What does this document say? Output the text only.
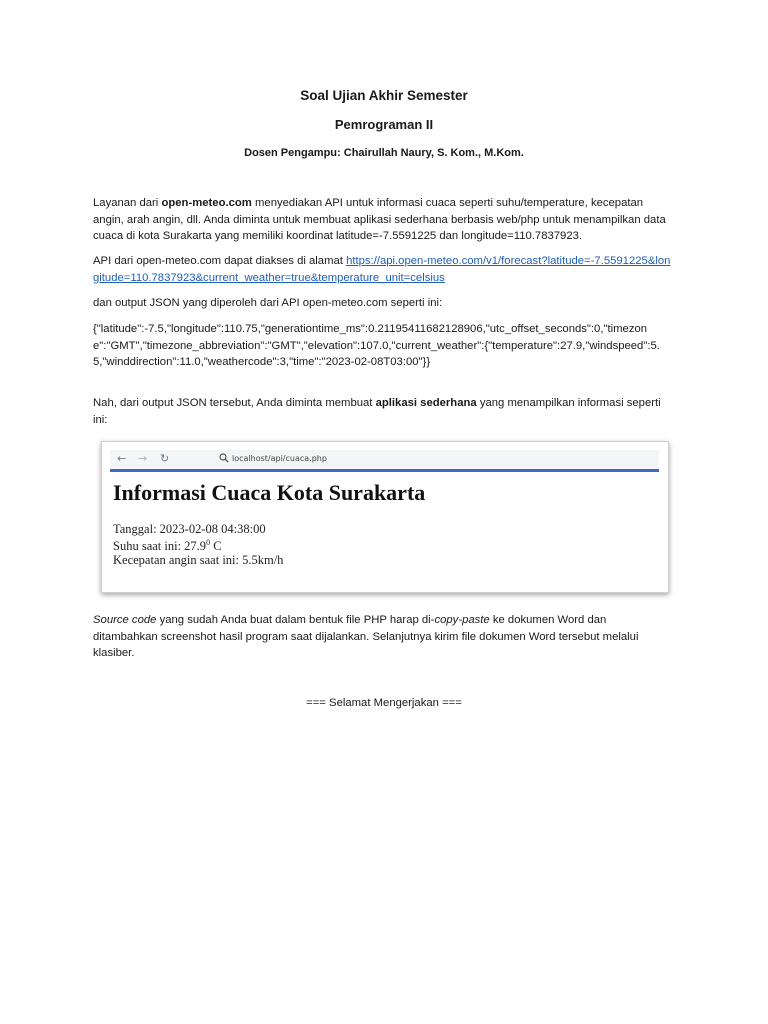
Soal Ujian Akhir Semester
Pemrograman II
Dosen Pengampu: Chairullah Naury, S. Kom., M.Kom.
Layanan dari open-meteo.com menyediakan API untuk informasi cuaca seperti suhu/temperature, kecepatan angin, arah angin, dll. Anda diminta untuk membuat aplikasi sederhana berbasis web/php untuk menampilkan data cuaca di kota Surakarta yang memiliki koordinat latitude=-7.5591225 dan longitude=110.7837923.
API dari open-meteo.com dapat diakses di alamat https://api.open-meteo.com/v1/forecast?latitude=-7.5591225&longitude=110.7837923&current_weather=true&temperature_unit=celsius
dan output JSON yang diperoleh dari API open-meteo.com seperti ini:
{"latitude":-7.5,"longitude":110.75,"generationtime_ms":0.21195411682128906,"utc_offset_seconds":0,"timezone":"GMT","timezone_abbreviation":"GMT","elevation":107.0,"current_weather":{"temperature":27.9,"windspeed":5.5,"winddirection":11.0,"weathercode":3,"time":"2023-02-08T03:00"}}
Nah, dari output JSON tersebut, Anda diminta membuat aplikasi sederhana yang menampilkan informasi seperti ini:
← → ↻	localhost/api/cuaca.php
Informasi Cuaca Kota Surakarta
Tanggal: 2023-02-08 04:38:00
Suhu saat ini: 27.9$^0$ C
Kecepatan angin saat ini: 5.5km/h
Source code yang sudah Anda buat dalam bentuk file PHP harap di-copy-paste ke dokumen Word dan ditambahkan screenshot hasil program saat dijalankan. Selanjutnya kirim file dokumen Word tersebut melalui klasiber.
=== Selamat Mengerjakan ===
